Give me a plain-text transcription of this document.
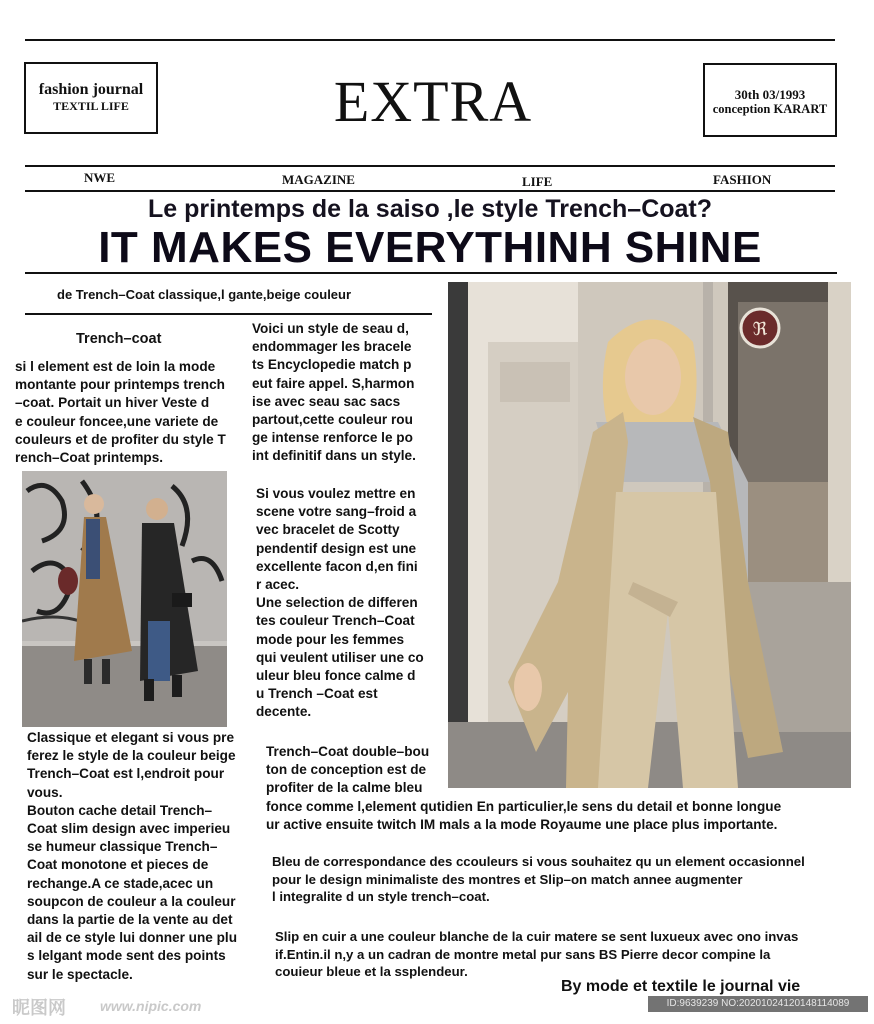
fashion journal
TEXTIL LIFE	EXTRA	30th 03/1993
conception KARART
NWE	MAGAZINE	LIFE	FASHION
Le printemps de la saiso ,le style Trench–Coat?
IT MAKES EVERYTHINH SHINE
de Trench–Coat classique,l gante,beige couleur
Trench–coat
si l element est de loin la mode
montante pour printemps trench
–coat. Portait un hiver Veste d
e couleur foncee,une variete de
couleurs et de profiter du style T
rench–Coat printemps.
Classique et elegant si vous pre
ferez le style de la couleur beige
Trench–Coat est l,endroit pour
vous.
Bouton cache detail Trench–
Coat slim design avec imperieu
se humeur classique Trench–
Coat monotone et pieces de
rechange.A ce stade,acec un
soupcon de couleur a la couleur
dans la partie de la vente au det
ail de ce style lui donner une plu
s lelgant mode sent des points
sur le spectacle.
Voici un style de seau d,
endommager les bracele
ts Encyclopedie match p
eut faire appel. S,harmon
ise avec seau sac sacs
partout,cette couleur rou
ge intense renforce le po
int definitif dans un style.
Si vous voulez mettre en
scene votre sang–froid a
vec bracelet de Scotty
pendentif design est une
excellente facon d,en fini
r acec.
Une selection de differen
tes couleur Trench–Coat
mode pour les femmes
qui veulent utiliser une co
uleur bleu fonce calme d
u Trench –Coat est
decente.
Trench–Coat double–bou
ton de conception est de
profiter de la calme bleu
fonce comme l,element qutidien En particulier,le sens du detail et bonne longue
ur active ensuite twitch IM mals a la mode Royaume une place plus importante.
ℜ
Bleu de correspondance des ccouleurs si vous souhaitez qu un element occasionnel
pour le design minimaliste des montres et Slip–on match annee augmenter
l integralite d un style trench–coat.
Slip en cuir a une couleur blanche de la cuir matere se sent luxueux avec ono invas
if.Entin.il n,y a un cadran de montre metal pur sans BS Pierre decor compine la
couieur bleue et la ssplendeur.
By mode et textile le journal vie
昵图网 www.nipic.com	ID:9639239 NO:20201024120148114089
